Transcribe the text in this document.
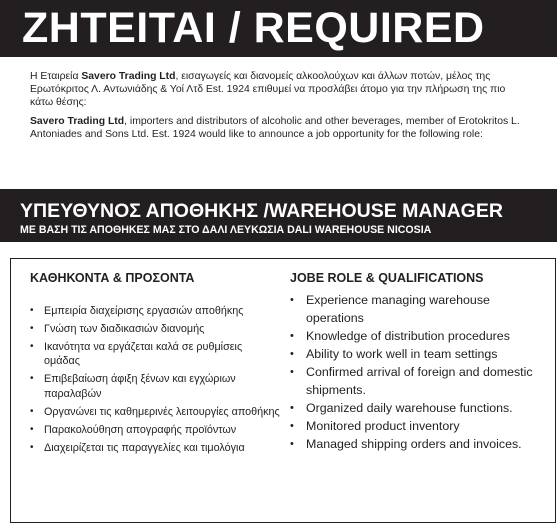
ΖΗΤΕΙΤΑΙ / REQUIRED

Η Εταιρεία Savero Trading Ltd, εισαγωγείς και διανομείς αλκοολούχων και άλλων ποτών, μέλος της Ερωτόκριτος Λ. Αντωνιάδης & Υοί Λτδ Est. 1924 επιθυμεί να προσλάβει άτομο για την πλήρωση της πιο κάτω θέσης:

Savero Trading Ltd, importers and distributors of alcoholic and other beverages, member of Erotokritos L. Antoniades and Sons Ltd. Est. 1924 would like to announce a job opportunity for the following role:

ΥΠΕΥΘΥΝΟΣ ΑΠΟΘΗΚΗΣ /WAREHOUSE MANAGER
ΜΕ ΒΑΣΗ ΤΙΣ ΑΠΟΘΗΚΕΣ ΜΑΣ ΣΤΟ ΔΑΛΙ ΛΕΥΚΩΣΙΑ DALI WAREHOUSE NICOSIA
ΚΑΘΗΚΟΝΤΑ & ΠΡΟΣΟΝΤΑ	JOBE ROLE & QUALIFICATIONS
• Εμπειρία διαχείρισης εργασιών αποθήκης
• Γνώση των διαδικασιών διανομής
• Ικανότητα να εργάζεται καλά σε ρυθμίσεις ομάδας
• Επιβεβαίωση άφιξη ξένων και εγχώριων παραλαβών
• Οργανώνει τις καθημερινές λειτουργίες αποθήκης
• Παρακολούθηση απογραφής προϊόντων
• Διαχειρίζεται τις παραγγελίες και τιμολόγια
• Experience managing warehouse operations
• Knowledge of distribution procedures
• Ability to work well in team settings
• Confirmed arrival of foreign and domestic shipments.
• Organized daily warehouse functions.
• Monitored product inventory
• Managed shipping orders and invoices.
